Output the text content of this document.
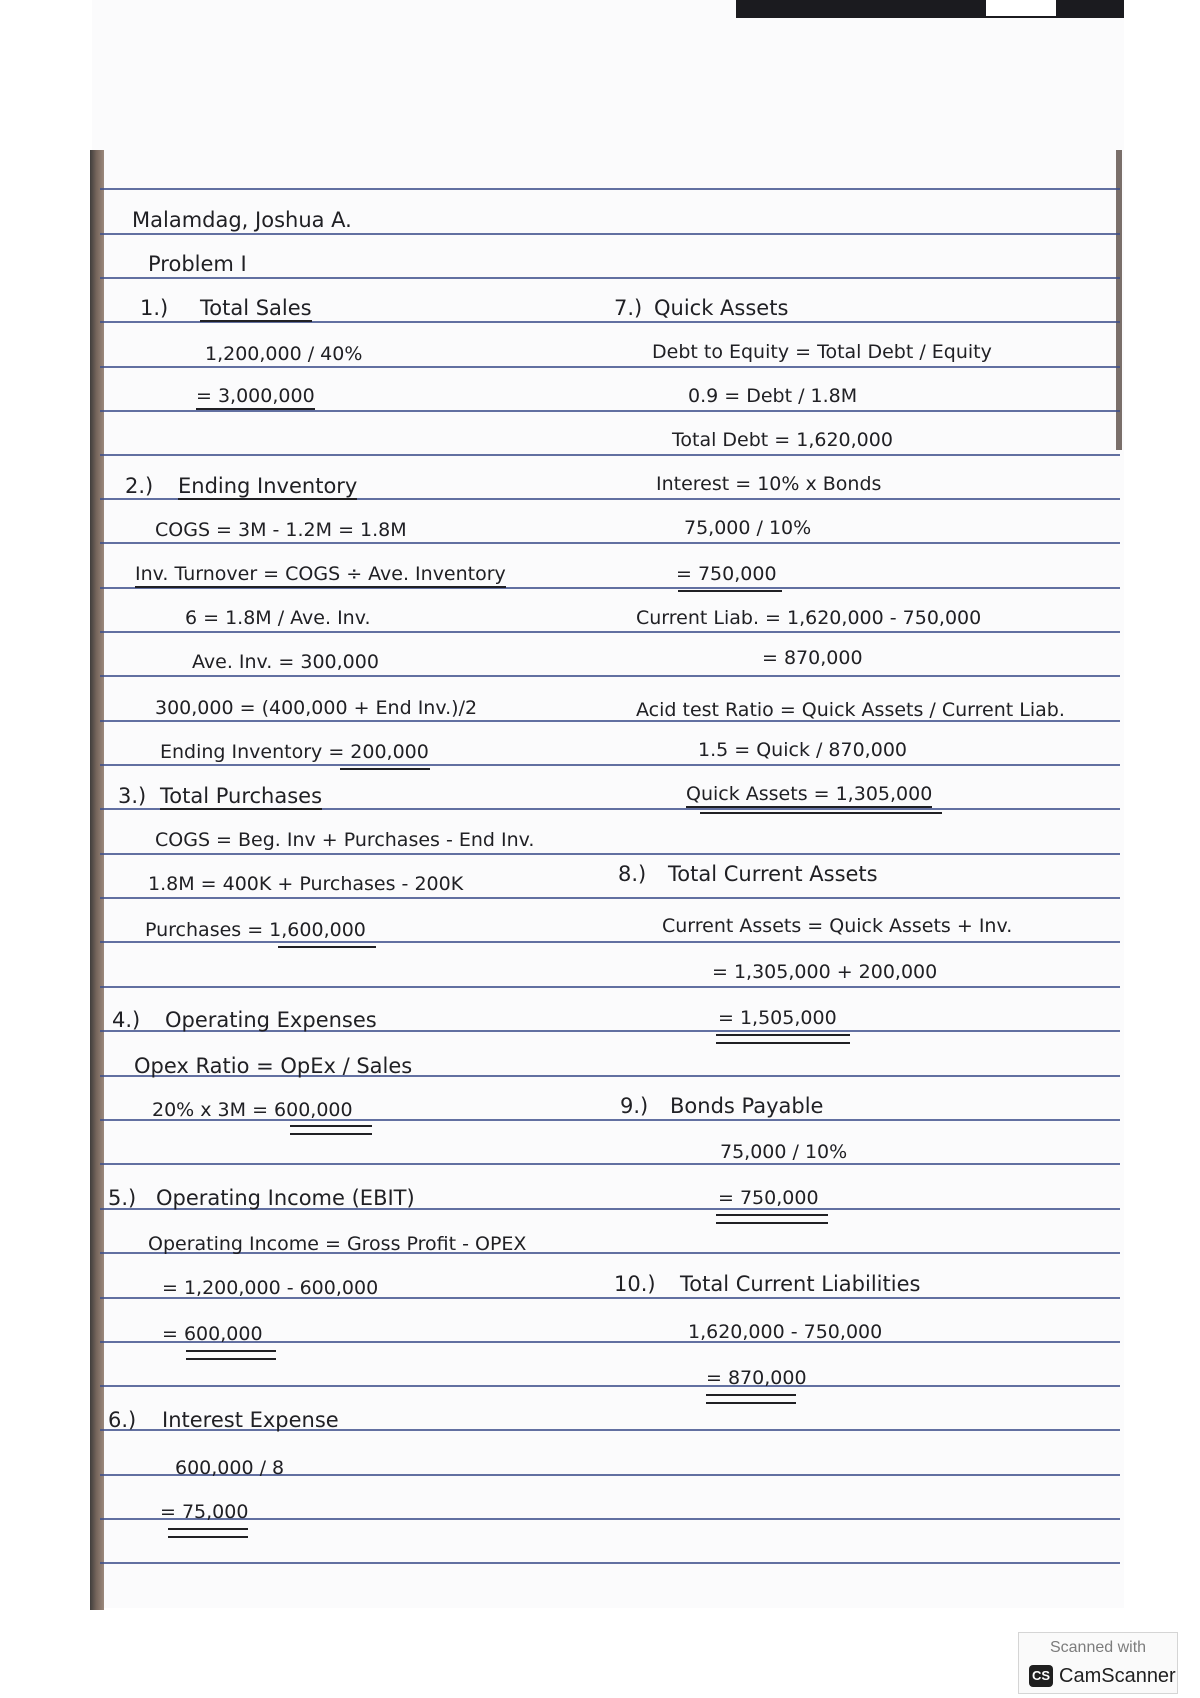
Malamdag, Joshua A.
Problem I
1.) Total Sales
1,200,000 / 40%
= 3,000,000
2.) Ending Inventory
COGS = 3M - 1.2M = 1.8M
Inv. Turnover = COGS ÷ Ave. Inventory
6 = 1.8M / Ave. Inv.
Ave. Inv. = 300,000
300,000 = (400,000 + End Inv.)/2
Ending Inventory = 200,000
3.) Total Purchases
COGS = Beg. Inv + Purchases - End Inv.
1.8M = 400K + Purchases - 200K
Purchases = 1,600,000
4.) Operating Expenses
Opex Ratio = OpEx / Sales
20% x 3M = 600,000
5.) Operating Income (EBIT)
Operating Income = Gross Profit - OPEX
= 1,200,000 - 600,000
= 600,000
6.) Interest Expense
600,000 / 8
= 75,000
7.) Quick Assets
Debt to Equity = Total Debt / Equity
0.9 = Debt / 1.8M
Total Debt = 1,620,000
Interest = 10% x Bonds
75,000 / 10%
= 750,000
Current Liab. = 1,620,000 - 750,000
= 870,000
Acid test Ratio = Quick Assets / Current Liab.
1.5 = Quick / 870,000
Quick Assets = 1,305,000
8.) Total Current Assets
Current Assets = Quick Assets + Inv.
= 1,305,000 + 200,000
= 1,505,000
9.) Bonds Payable
75,000 / 10%
= 750,000
10.) Total Current Liabilities
1,620,000 - 750,000
= 870,000
Scanned with
CS CamScanner
